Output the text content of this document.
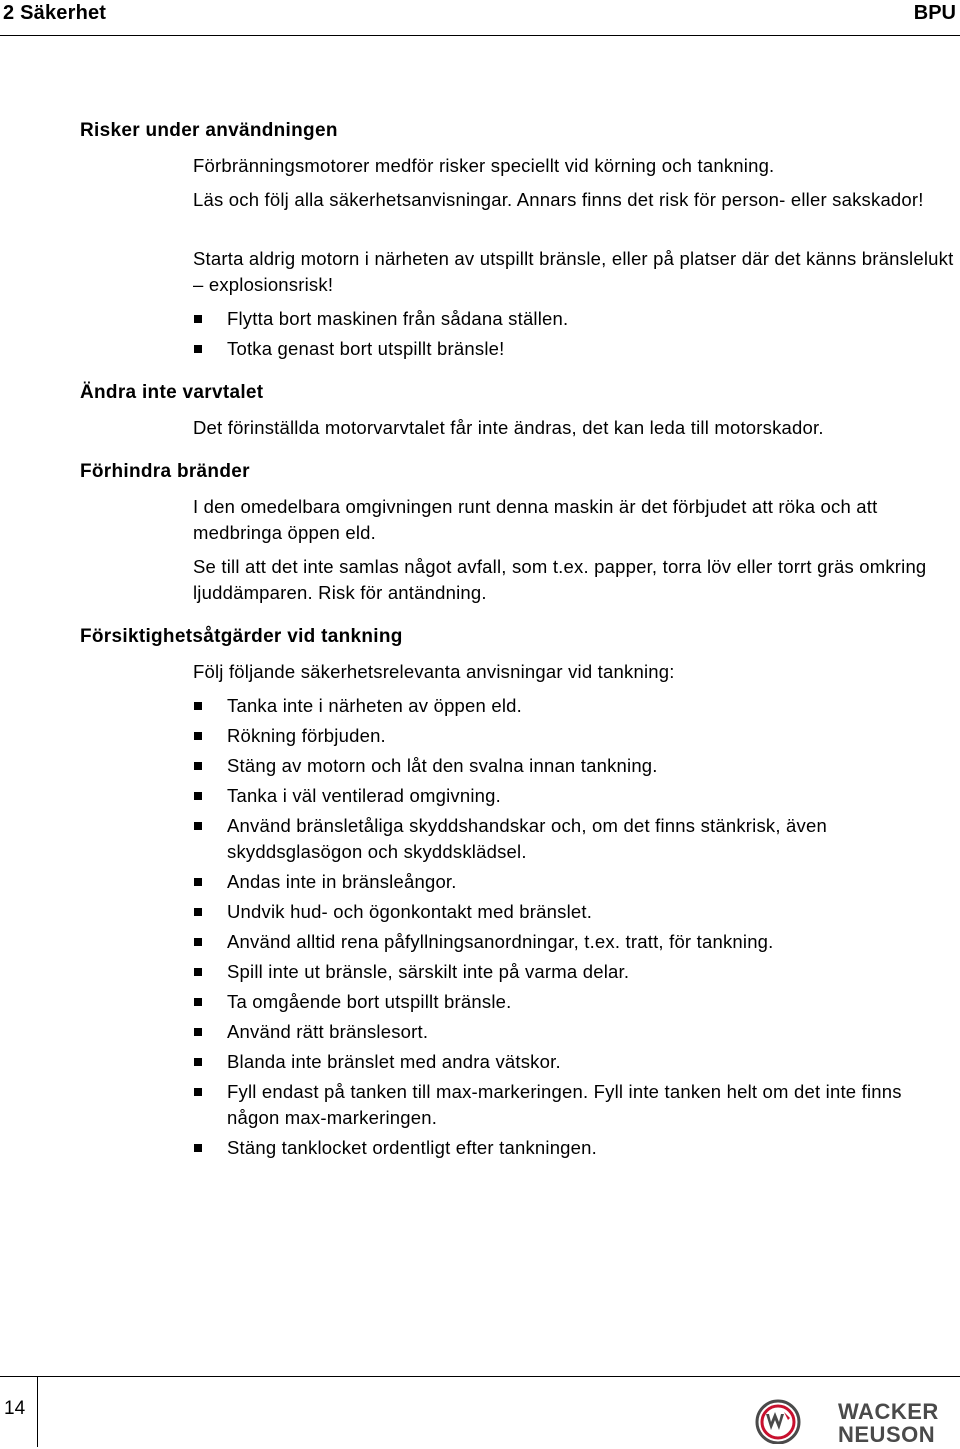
2 Säkerhet	BPU
Risker under användningen
Förbränningsmotorer medför risker speciellt vid körning och tankning.
Läs och följ alla säkerhetsanvisningar. Annars finns det risk för person- eller sakskador!
Starta aldrig motorn i närheten av utspillt bränsle, eller på platser där det känns bränslelukt – explosionsrisk!
Flytta bort maskinen från sådana ställen.
Totka genast bort utspillt bränsle!
Ändra inte varvtalet
Det förinställda motorvarvtalet får inte ändras, det kan leda till motorskador.
Förhindra bränder
I den omedelbara omgivningen runt denna maskin är det förbjudet att röka och att medbringa öppen eld.
Se till att det inte samlas något avfall, som t.ex. papper, torra löv eller torrt gräs omkring ljuddämparen. Risk för antändning.
Försiktighetsåtgärder vid tankning
Följ följande säkerhetsrelevanta anvisningar vid tankning:
Tanka inte i närheten av öppen eld.
Rökning förbjuden.
Stäng av motorn och låt den svalna innan tankning.
Tanka i väl ventilerad omgivning.
Använd bränsletåliga skyddshandskar och, om det finns stänkrisk, även skyddsglasögon och skyddsklädsel.
Andas inte in bränsleångor.
Undvik hud- och ögonkontakt med bränslet.
Använd alltid rena påfyllningsanordningar, t.ex. tratt, för tankning.
Spill inte ut bränsle, särskilt inte på varma delar.
Ta omgående bort utspillt bränsle.
Använd rätt bränslesort.
Blanda inte bränslet med andra vätskor.
Fyll endast på tanken till max-markeringen. Fyll inte tanken helt om det inte finns någon max-markeringen.
Stäng tanklocket ordentligt efter tankningen.
14	WACKER
NEUSON
